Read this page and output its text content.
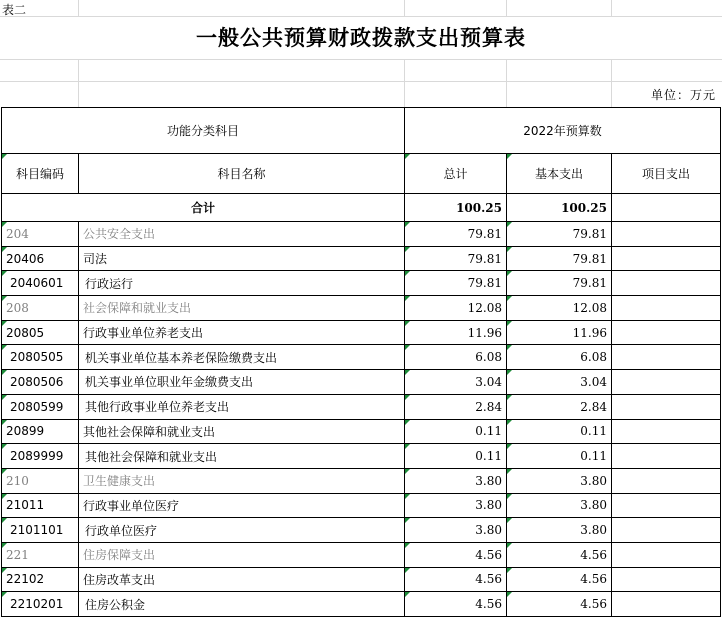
表二
一般公共预算财政拨款支出预算表
单位：万元
功能分类科目		2022年预算数		
科目编码	科目名称	总计	基本支出	项目支出
合计		100.25	100.25	
204	公共安全支出	79.81	79.81	
20406	司法	79.81	79.81	
2040601	行政运行	79.81	79.81	
208	社会保障和就业支出	12.08	12.08	
20805	行政事业单位养老支出	11.96	11.96	
2080505	机关事业单位基本养老保险缴费支出	6.08	6.08	
2080506	机关事业单位职业年金缴费支出	3.04	3.04	
2080599	其他行政事业单位养老支出	2.84	2.84	
20899	其他社会保障和就业支出	0.11	0.11	
2089999	其他社会保障和就业支出	0.11	0.11	
210	卫生健康支出	3.80	3.80	
21011	行政事业单位医疗	3.80	3.80	
2101101	行政单位医疗	3.80	3.80	
221	住房保障支出	4.56	4.56	
22102	住房改革支出	4.56	4.56	
2210201	住房公积金	4.56	4.56	
